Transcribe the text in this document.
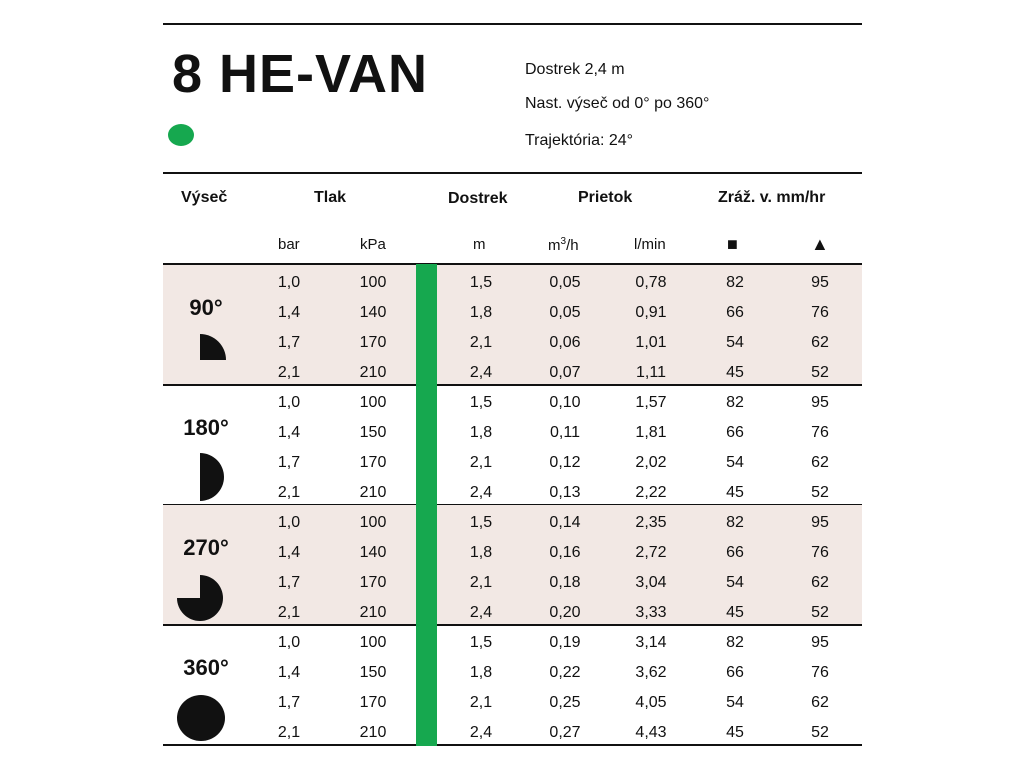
8 HE-VAN	Dostrek 2,4 m
Nast. výseč od 0° po 360°
Trajektória: 24°
Výseč	Tlak	Dostrek	Prietok	Zráž. v. mm/hr
bar	kPa	m	$m^3/h$	l/min	■	▲
90°
1,0	100	1,5	0,05	0,78	82	95
1,4	140	1,8	0,05	0,91	66	76
1,7	170	2,1	0,06	1,01	54	62
2,1	210	2,4	0,07	1,11	45	52
180°
1,0	100	1,5	0,10	1,57	82	95
1,4	150	1,8	0,11	1,81	66	76
1,7	170	2,1	0,12	2,02	54	62
2,1	210	2,4	0,13	2,22	45	52
270°
1,0	100	1,5	0,14	2,35	82	95
1,4	140	1,8	0,16	2,72	66	76
1,7	170	2,1	0,18	3,04	54	62
2,1	210	2,4	0,20	3,33	45	52
360°
1,0	100	1,5	0,19	3,14	82	95
1,4	150	1,8	0,22	3,62	66	76
1,7	170	2,1	0,25	4,05	54	62
2,1	210	2,4	0,27	4,43	45	52
